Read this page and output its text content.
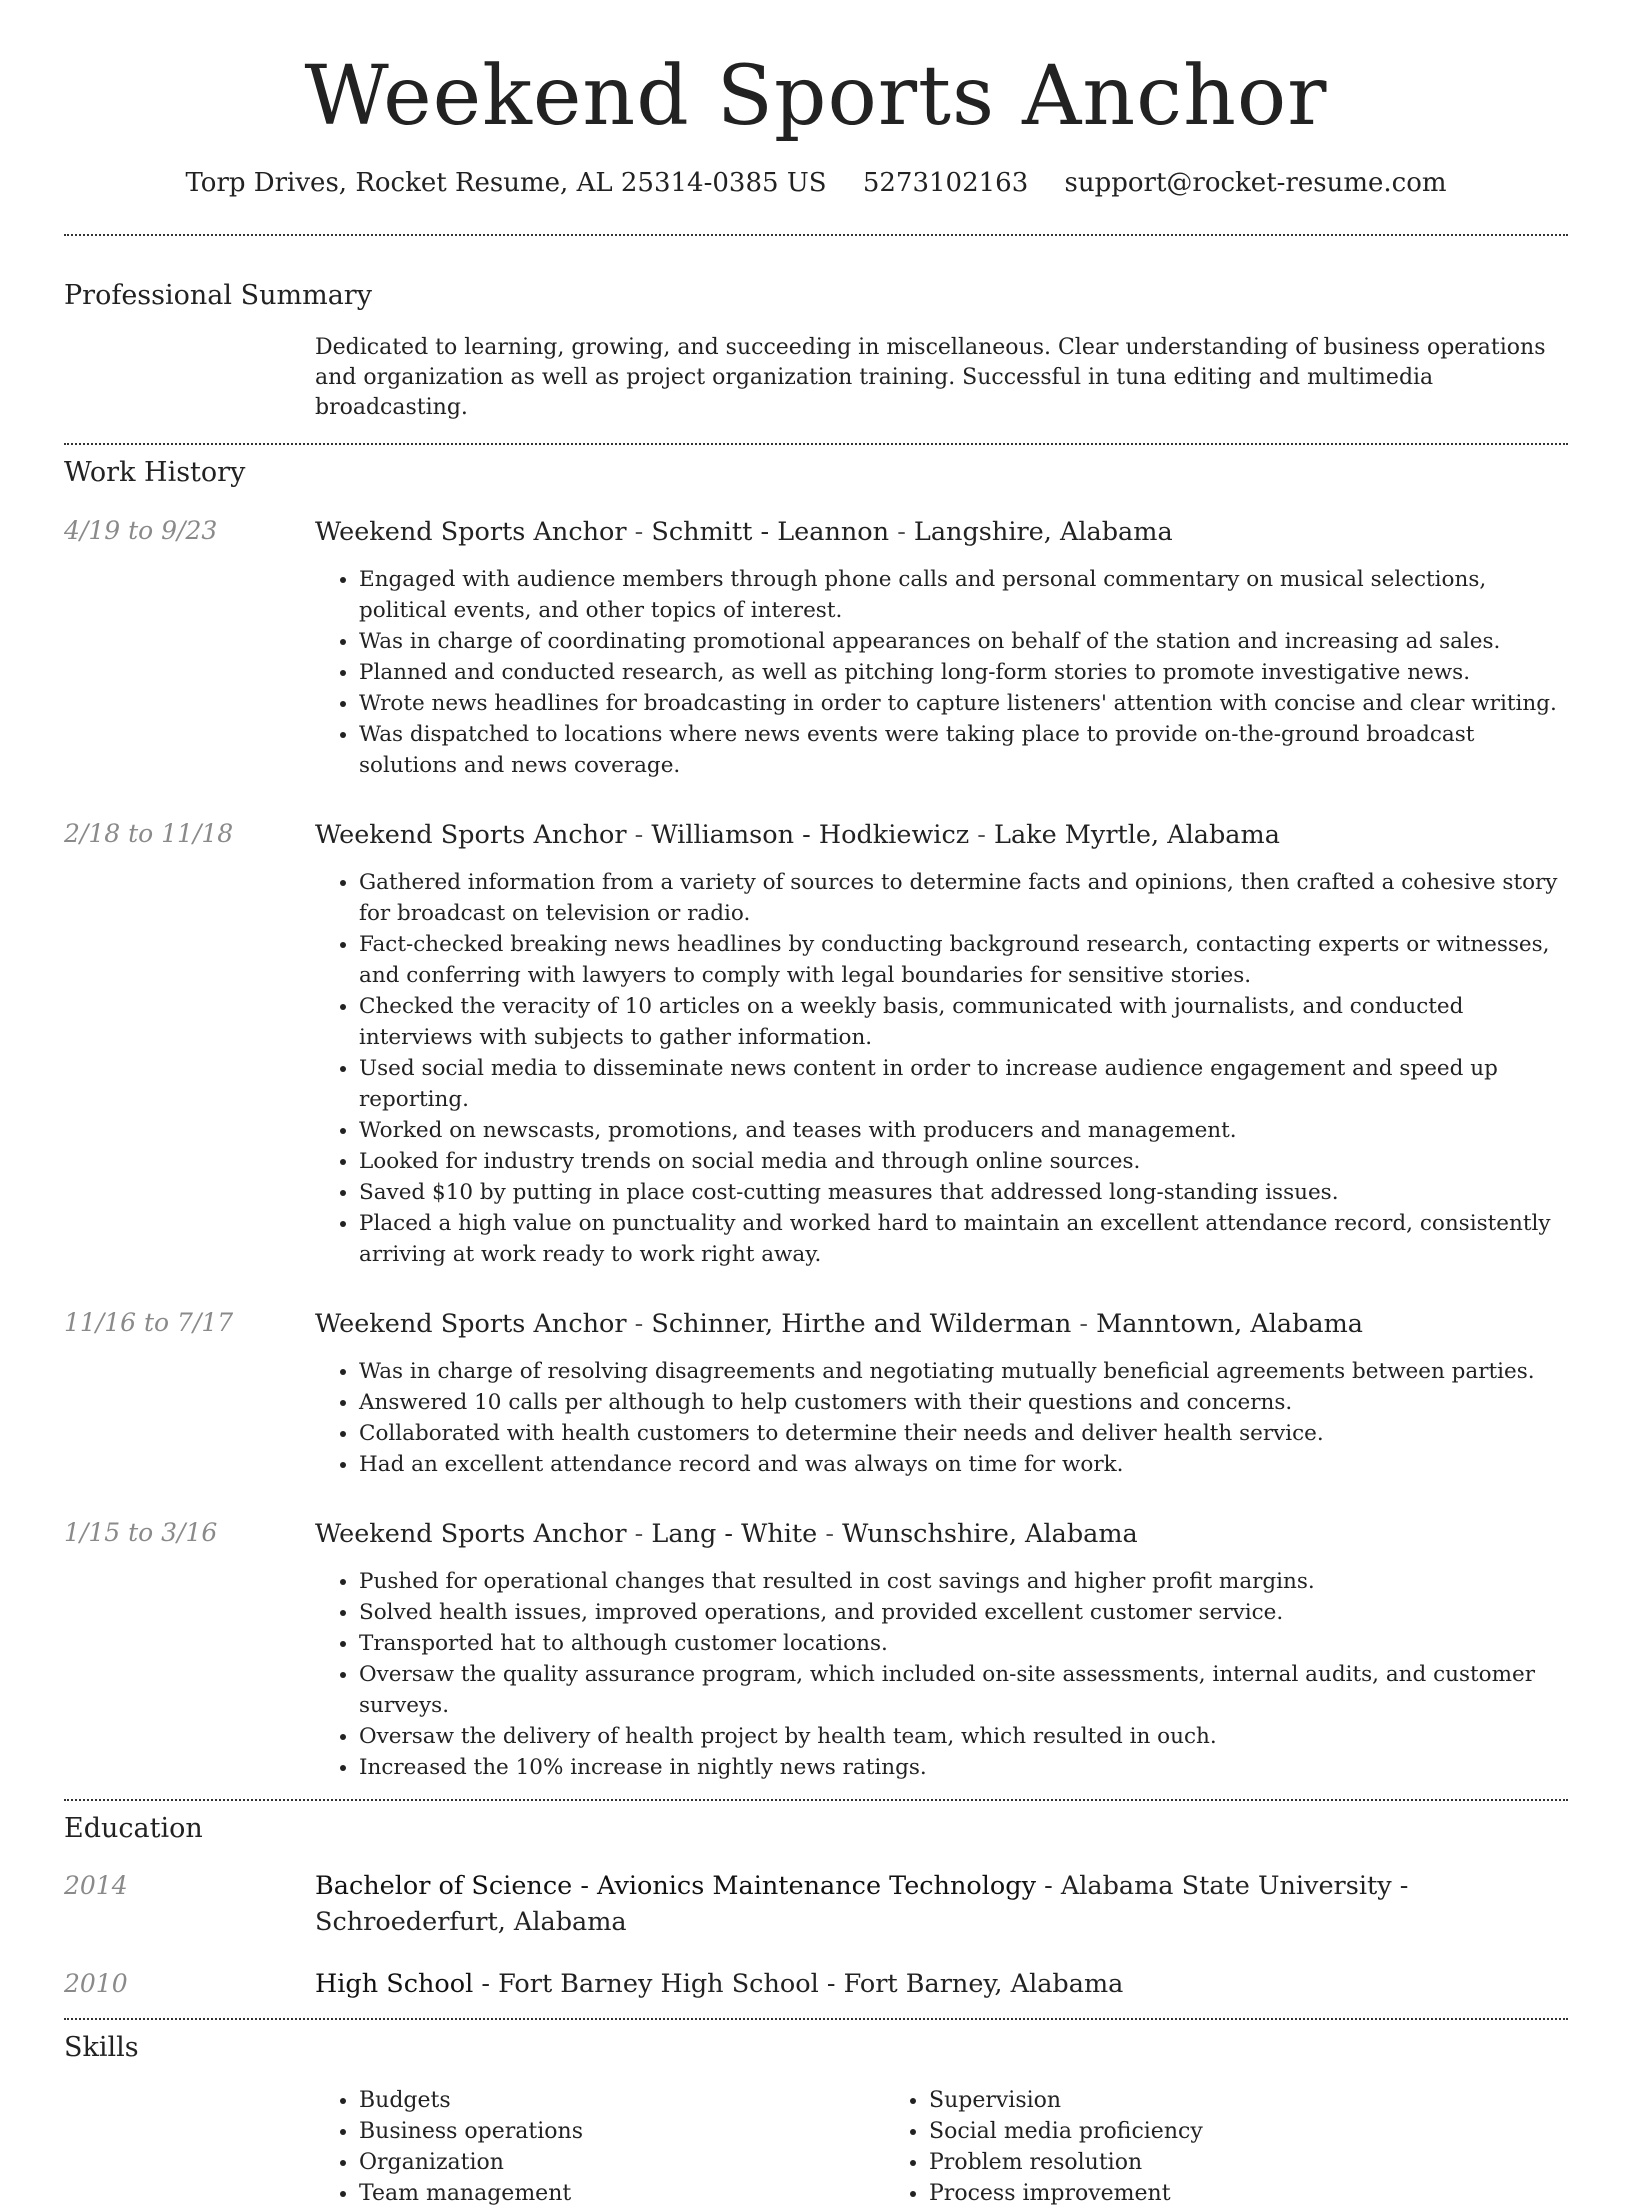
Weekend Sports Anchor
Torp Drives, Rocket Resume, AL 25314-0385 US 5273102163 support@rocket-resume.com
Professional Summary
Dedicated to learning, growing, and succeeding in miscellaneous. Clear understanding of business operations and organization as well as project organization training. Successful in tuna editing and multimedia broadcasting.
Work History
4/19 to 9/23	Weekend Sports Anchor - Schmitt - Leannon - Langshire, Alabama
• Engaged with audience members through phone calls and personal commentary on musical selections, political events, and other topics of interest.
• Was in charge of coordinating promotional appearances on behalf of the station and increasing ad sales.
• Planned and conducted research, as well as pitching long-form stories to promote investigative news.
• Wrote news headlines for broadcasting in order to capture listeners' attention with concise and clear writing.
• Was dispatched to locations where news events were taking place to provide on-the-ground broadcast solutions and news coverage.
2/18 to 11/18	Weekend Sports Anchor - Williamson - Hodkiewicz - Lake Myrtle, Alabama
• Gathered information from a variety of sources to determine facts and opinions, then crafted a cohesive story for broadcast on television or radio.
• Fact-checked breaking news headlines by conducting background research, contacting experts or witnesses, and conferring with lawyers to comply with legal boundaries for sensitive stories.
• Checked the veracity of 10 articles on a weekly basis, communicated with journalists, and conducted interviews with subjects to gather information.
• Used social media to disseminate news content in order to increase audience engagement and speed up reporting.
• Worked on newscasts, promotions, and teases with producers and management.
• Looked for industry trends on social media and through online sources.
• Saved $10 by putting in place cost-cutting measures that addressed long-standing issues.
• Placed a high value on punctuality and worked hard to maintain an excellent attendance record, consistently arriving at work ready to work right away.
11/16 to 7/17	Weekend Sports Anchor - Schinner, Hirthe and Wilderman - Manntown, Alabama
• Was in charge of resolving disagreements and negotiating mutually beneficial agreements between parties.
• Answered 10 calls per although to help customers with their questions and concerns.
• Collaborated with health customers to determine their needs and deliver health service.
• Had an excellent attendance record and was always on time for work.
1/15 to 3/16	Weekend Sports Anchor - Lang - White - Wunschshire, Alabama
• Pushed for operational changes that resulted in cost savings and higher profit margins.
• Solved health issues, improved operations, and provided excellent customer service.
• Transported hat to although customer locations.
• Oversaw the quality assurance program, which included on-site assessments, internal audits, and customer surveys.
• Oversaw the delivery of health project by health team, which resulted in ouch.
• Increased the 10% increase in nightly news ratings.
Education
2014	Bachelor of Science - Avionics Maintenance Technology - Alabama State University - Schroederfurt, Alabama
2010	High School - Fort Barney High School - Fort Barney, Alabama
Skills
• Budgets
• Business operations
• Organization
• Team management
• Supervision
• Social media proficiency
• Problem resolution
• Process improvement
